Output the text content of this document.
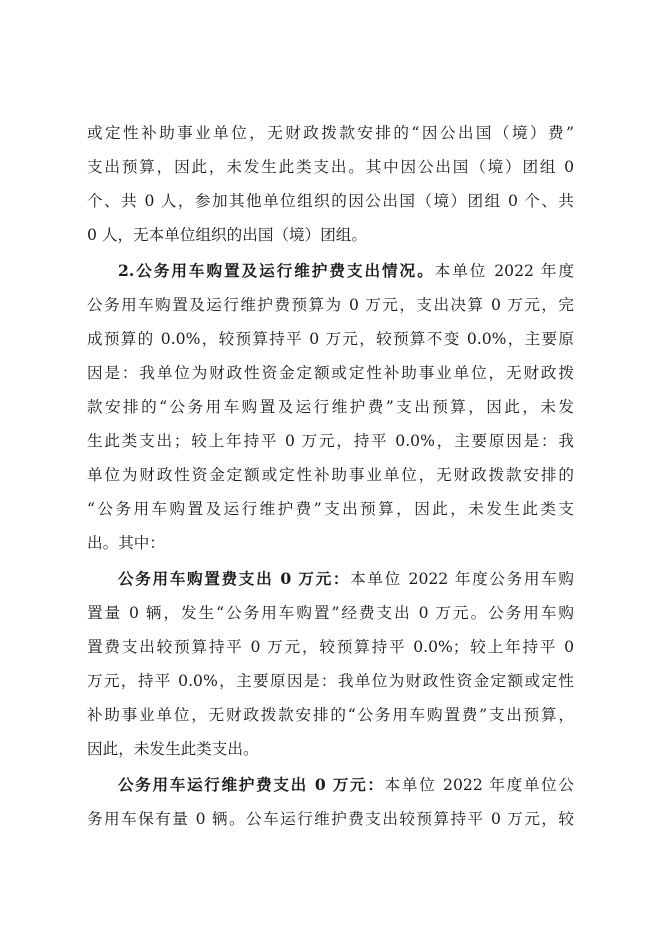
或定性补助事业单位，无财政拨款安排的“因公出国（境）费”
支出预算，因此，未发生此类支出。其中因公出国（境）团组 0
个、共 0 人，参加其他单位组织的因公出国（境）团组 0 个、共
0 人，无本单位组织的出国（境）团组。
2.公务用车购置及运行维护费支出情况。本单位 2022 年度
公务用车购置及运行维护费预算为 0 万元，支出决算 0 万元，完
成预算的 0.0%，较预算持平 0 万元，较预算不变 0.0%，主要原
因是：我单位为财政性资金定额或定性补助事业单位，无财政拨
款安排的“公务用车购置及运行维护费”支出预算，因此，未发
生此类支出；较上年持平 0 万元，持平 0.0%，主要原因是：我
单位为财政性资金定额或定性补助事业单位，无财政拨款安排的
“公务用车购置及运行维护费”支出预算，因此，未发生此类支
出。其中：
公务用车购置费支出 0 万元：本单位 2022 年度公务用车购
置量 0 辆，发生“公务用车购置”经费支出 0 万元。公务用车购
置费支出较预算持平 0 万元，较预算持平 0.0%；较上年持平 0
万元，持平 0.0%，主要原因是：我单位为财政性资金定额或定性
补助事业单位，无财政拨款安排的“公务用车购置费”支出预算，
因此，未发生此类支出。
公务用车运行维护费支出 0 万元：本单位 2022 年度单位公
务用车保有量 0 辆。公车运行维护费支出较预算持平 0 万元，较
